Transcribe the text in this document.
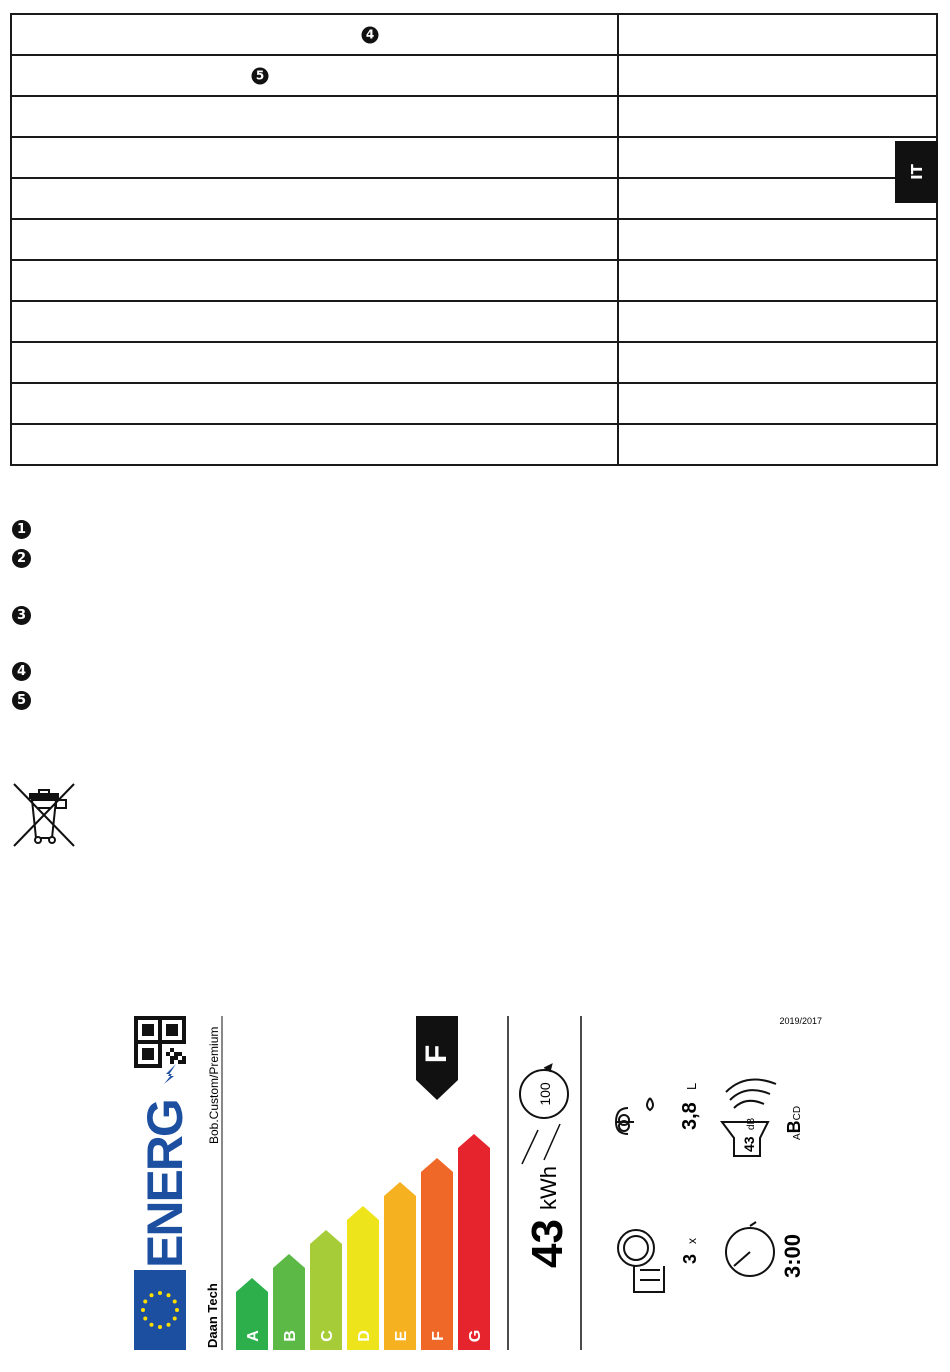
4	

5	

IT
1
2
3
4
5
ENERG
Daan Tech
Bob.Custom/Premium
A B C D E F G
F
43
kWh
100
2019/2017
3,8
L
43
dB
ABCD
3
x	3:00
